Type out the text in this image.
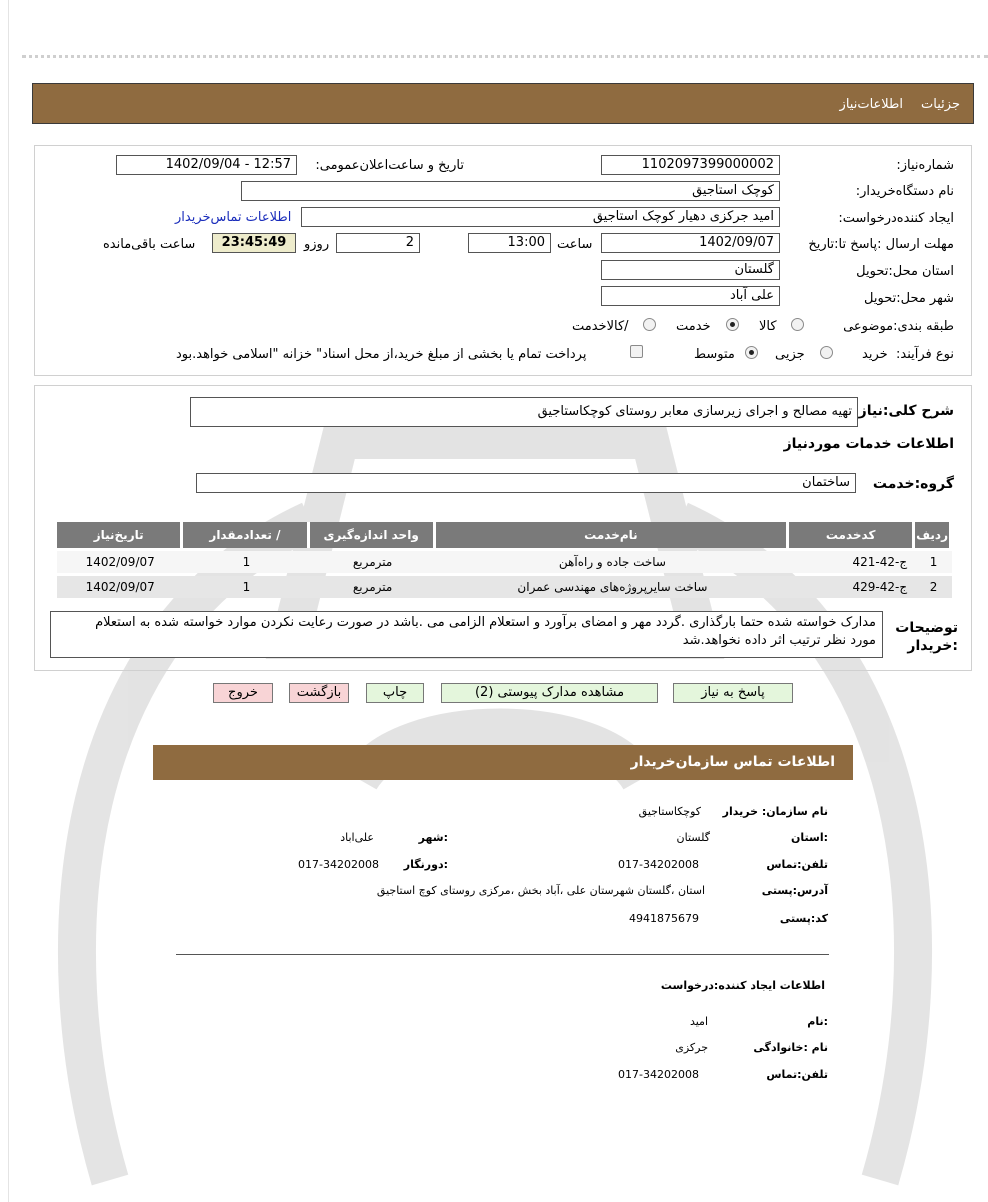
جزئیات
اطلاعات‌نیاز
شماره‌نیاز:
1102097399000002
تاریخ و ساعت‌اعلان‌عمومی:
1402/09/04 - 12:57
نام دستگاه‌خریدار:
کوچک استاجیق
ایجاد کننده‌درخواست:
امید جرکزی دهیار کوچک استاجیق
اطلاعات تماس‌خریدار
مهلت ارسال :پاسخ تا:تاریخ
1402/09/07
ساعت
13:00
2
روزو
23:45:49
ساعت باقی‌مانده
استان محل:تحویل
گلستان
شهر محل:تحویل
علی آباد
طبقه بندی:موضوعی
کالا
خدمت
/کالاخدمت
نوع فرآیند:
خرید
جزیی
متوسط
پرداخت تمام یا بخشی از مبلغ خرید،از محل اسناد" خزانه "اسلامی خواهد.بود
شرح کلی:نیاز
تهیه مصالح و اجرای زیرسازی معابر روستای کوچکاستاجیق
اطلاعات خدمات موردنیاز
گروه:خدمت
ساختمان
ردیف	کدخدمت	نام‌خدمت	واحد اندازه‌گیری	/ تعدادمقدار	تاریخ‌نیاز
1	ج-42-421	ساخت جاده و راه‌آهن	مترمربع	1	1402/09/07
2	ج-42-429	ساخت سایرپروژه‌های مهندسی عمران	مترمربع	1	1402/09/07
توضیحات
:خریدار
مدارک خواسته شده حتما بارگذاری .گردد مهر و امضای برآورد و استعلام الزامی می .باشد در صورت رعایت نکردن موارد خواسته شده به استعلام
مورد نظر ترتیب اثر داده نخواهد.شد
پاسخ به نیاز
مشاهده مدارک پیوستی (2)
چاپ
بازگشت
خروج
اطلاعات تماس سازمان‌خریدار
نام سازمان: خریدار
کوچکاستاجیق
:استان
گلستان
:شهر
علی‌اباد
تلفن:تماس
017-34202008
:دورنگار
017-34202008
آدرس:پستی
استان ،گلستان شهرستان علی ،آباد بخش ،مرکزی روستای کوچ استاجیق
کد:پستی
4941875679
اطلاعات ایجاد کننده:درخواست
:نام
امید
نام :خانوادگی
جرکزی
تلفن:تماس
017-34202008
